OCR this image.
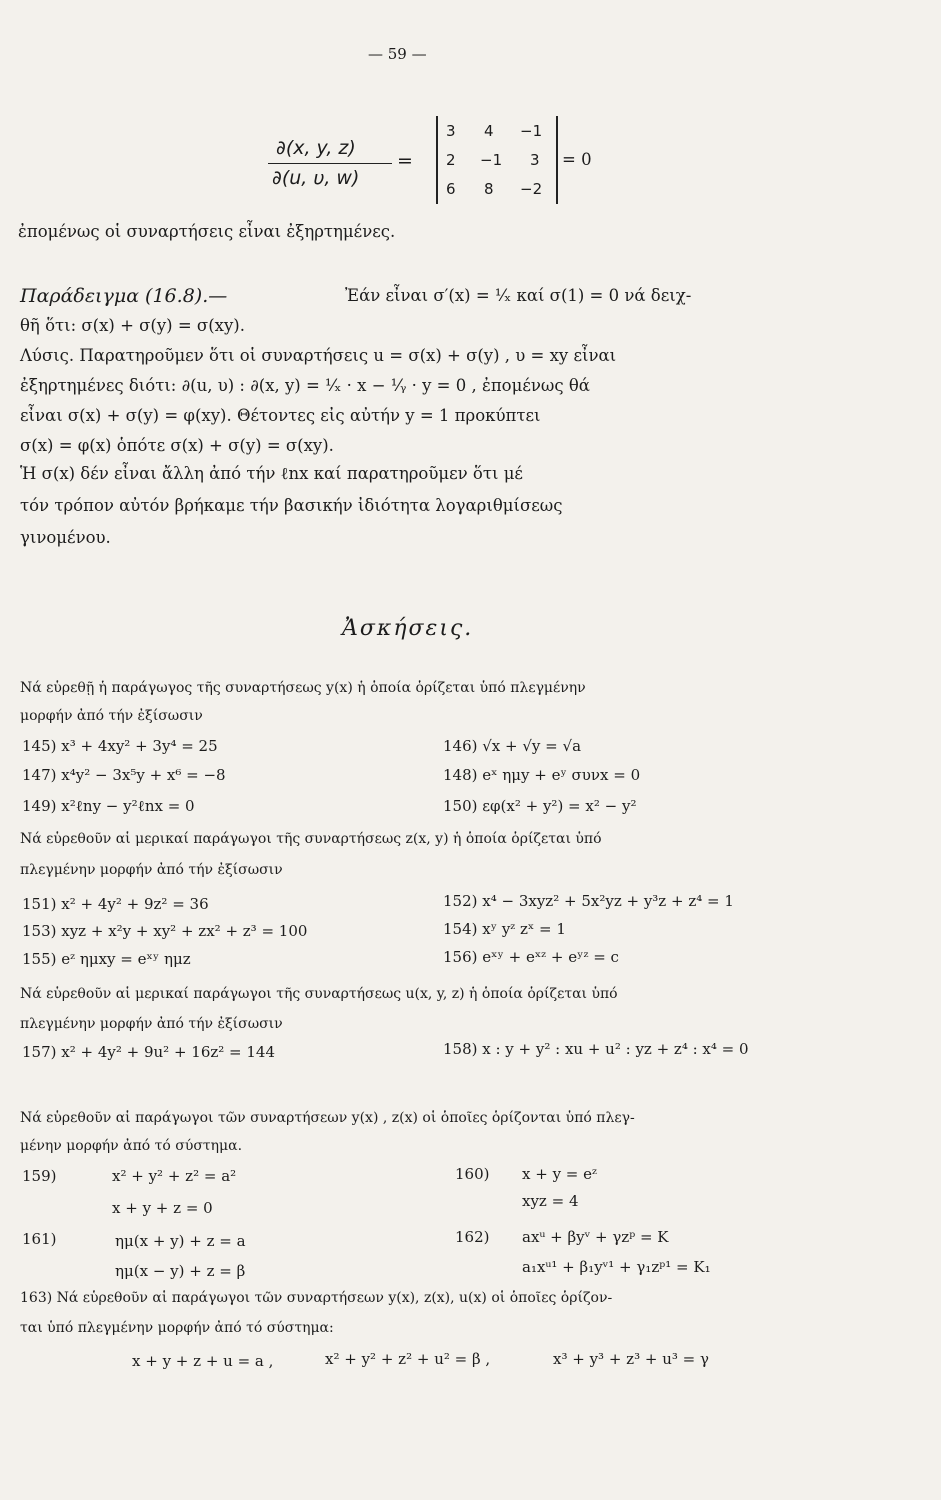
— 59 —
∂(x, y, z)
∂(u, υ, w)
=
3 4 −1
2 −1 3
6 8 −2
= 0
ἐπομένως οἱ συναρτήσεις εἶναι ἐξηρτημένες.
Παράδειγμα (16.8).—	Ἐάν εἶναι σ′(x) = ¹⁄ₓ καί σ(1) = 0 νά δειχ-
θῆ ὅτι: σ(x) + σ(y) = σ(xy).
Λύσις. Παρατηροῦμεν ὅτι οἱ συναρτήσεις u = σ(x) + σ(y) , υ = xy εἶναι
ἐξηρτημένες διότι: ∂(u, υ) : ∂(x, y) = ¹⁄ₓ · x − ¹⁄ᵧ · y = 0 , ἐπομένως θά
εἶναι σ(x) + σ(y) = φ(xy). Θέτοντες εἰς αὐτήν y = 1 προκύπτει
σ(x) = φ(x) ὁπότε σ(x) + σ(y) = σ(xy).
Ἡ σ(x) δέν εἶναι ἄλλη ἀπό τήν ℓnx καί παρατηροῦμεν ὅτι μέ
τόν τρόπον αὐτόν βρήκαμε τήν βασικήν ἰδιότητα λογαριθμίσεως
γινομένου.
Ἀσκήσεις.
Νά εὑρεθῇ ἡ παράγωγος τῆς συναρτήσεως y(x) ἡ ὁποία ὁρίζεται ὑπό πλεγμένην
μορφήν ἀπό τήν ἐξίσωσιν
145) x³ + 4xy² + 3y⁴ = 25	146) √x + √y = √a
147) x⁴y² − 3x⁵y + x⁶ = −8	148) eˣ ημy + eʸ συνx = 0
149) x²ℓny − y²ℓnx = 0	150) εφ(x² + y²) = x² − y²
Νά εὑρεθοῦν αἱ μερικαί παράγωγοι τῆς συναρτήσεως z(x, y) ἡ ὁποία ὁρίζεται ὑπό
πλεγμένην μορφήν ἀπό τήν ἐξίσωσιν
151) x² + 4y² + 9z² = 36	152) x⁴ − 3xyz² + 5x²yz + y³z + z⁴ = 1
153) xyz + x²y + xy² + zx² + z³ = 100	154) xʸ yᶻ zˣ = 1
155) eᶻ ημxy = eˣʸ ημz	156) eˣʸ + eˣᶻ + eʸᶻ = c
Νά εὑρεθοῦν αἱ μερικαί παράγωγοι τῆς συναρτήσεως u(x, y, z) ἡ ὁποία ὁρίζεται ὑπό
πλεγμένην μορφήν ἀπό τήν ἐξίσωσιν
157) x² + 4y² + 9u² + 16z² = 144	158) x : y + y² : xu + u² : yz + z⁴ : x⁴ = 0
Νά εὑρεθοῦν αἱ παράγωγοι τῶν συναρτήσεων y(x) , z(x) οἱ ὁποῖες ὁρίζονται ὑπό πλεγ-
μένην μορφήν ἀπό τό σύστημα.
159)	x² + y² + z² = a²
x + y + z = 0
160) x + y = eᶻ
xyz = 4
161)	ημ(x + y) + z = a
ημ(x − y) + z = β
162) axᵘ + βyᵛ + γzᵖ = K
a₁xᵘ¹ + β₁yᵛ¹ + γ₁zᵖ¹ = K₁
163) Νά εὑρεθοῦν αἱ παράγωγοι τῶν συναρτήσεων y(x), z(x), u(x) οἱ ὁποῖες ὁρίζον-
ται ὑπό πλεγμένην μορφήν ἀπό τό σύστημα:
x + y + z + u = a ,	x² + y² + z² + u² = β ,	x³ + y³ + z³ + u³ = γ
